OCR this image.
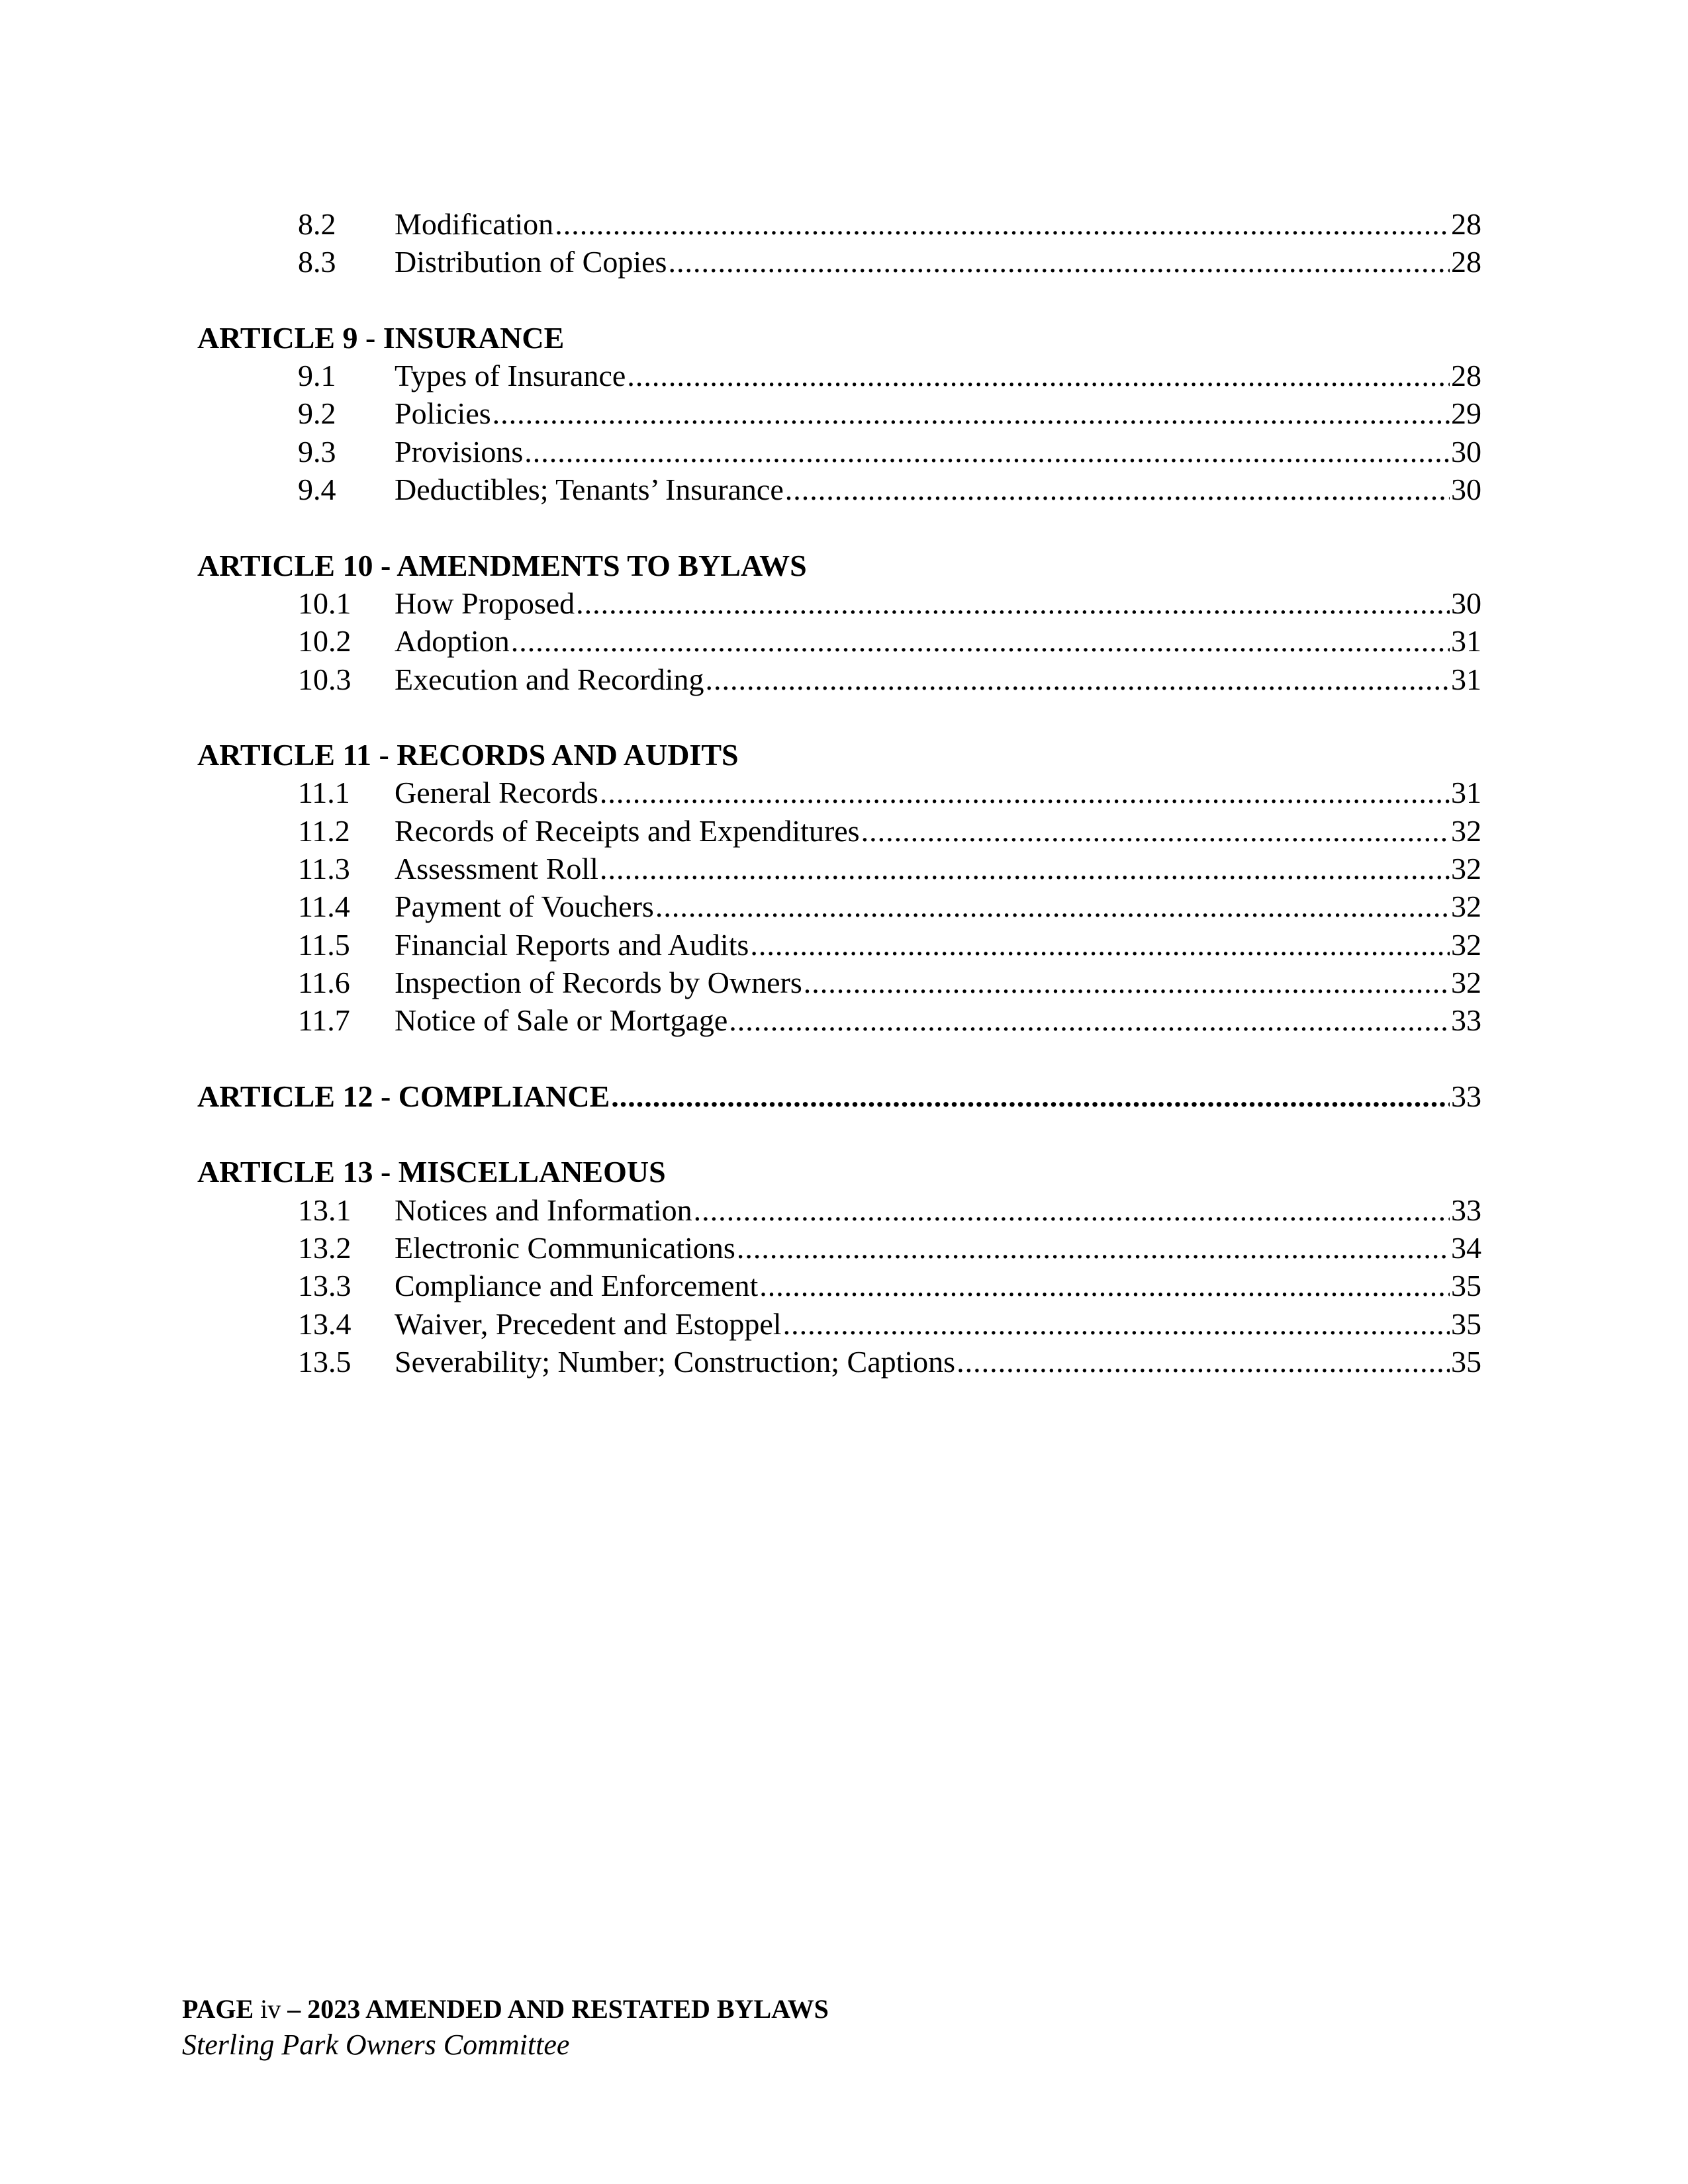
8.2	Modification .....	28
8.3	Distribution of Copies .....	28
ARTICLE 9 - INSURANCE
9.1	Types of Insurance .....	28
9.2	Policies .....	29
9.3	Provisions .....	30
9.4	Deductibles; Tenants’ Insurance .....	30
ARTICLE 10 - AMENDMENTS TO BYLAWS
10.1	How Proposed .....	30
10.2	Adoption .....	31
10.3	Execution and Recording .....	31
ARTICLE 11 - RECORDS AND AUDITS
11.1	General Records .....	31
11.2	Records of Receipts and Expenditures .....	32
11.3	Assessment Roll .....	32
11.4	Payment of Vouchers .....	32
11.5	Financial Reports and Audits .....	32
11.6	Inspection of Records by Owners .....	32
11.7	Notice of Sale or Mortgage .....	33
ARTICLE 12 - COMPLIANCE .....	33
ARTICLE 13 - MISCELLANEOUS
13.1	Notices and Information .....	33
13.2	Electronic Communications .....	34
13.3	Compliance and Enforcement .....	35
13.4	Waiver, Precedent and Estoppel .....	35
13.5	Severability; Number; Construction; Captions .....	35
PAGE iv – 2023 AMENDED AND RESTATED BYLAWS
Sterling Park Owners Committee
